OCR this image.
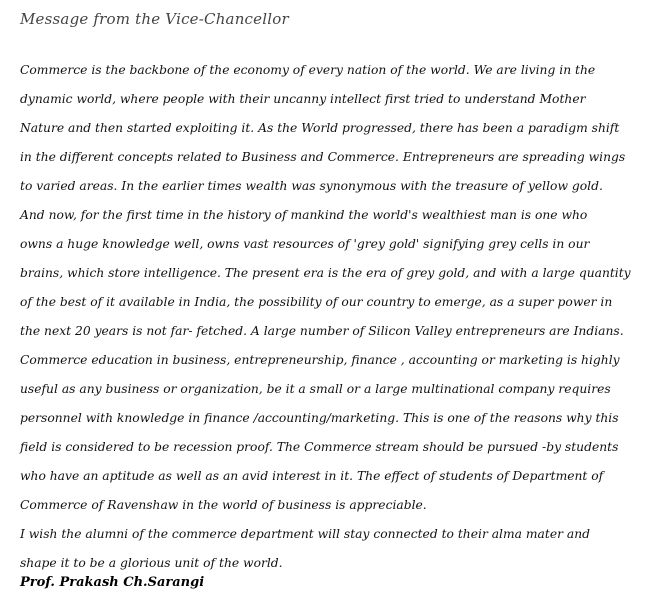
Message from the Vice-Chancellor
Commerce is the backbone of the economy of every nation of the world. We are living in the
dynamic world, where people with their uncanny intellect first tried to understand Mother
Nature and then started exploiting it. As the World progressed, there has been a paradigm shift
in the different concepts related to Business and Commerce. Entrepreneurs are spreading wings
to varied areas. In the earlier times wealth was synonymous with the treasure of yellow gold.
And now, for the first time in the history of mankind the world's wealthiest man is one who
owns a huge knowledge well, owns vast resources of 'grey gold' signifying grey cells in our
brains, which store intelligence. The present era is the era of grey gold, and with a large quantity
of the best of it available in India, the possibility of our country to emerge, as a super power in
the next 20 years is not far- fetched. A large number of Silicon Valley entrepreneurs are Indians.
Commerce education in business, entrepreneurship, finance , accounting or marketing is highly
useful as any business or organization, be it a small or a large multinational company requires
personnel with knowledge in finance /accounting/marketing. This is one of the reasons why this
field is considered to be recession proof. The Commerce stream should be pursued -by students
who have an aptitude as well as an avid interest in it. The effect of students of Department of
Commerce of Ravenshaw in the world of business is appreciable.
I wish the alumni of the commerce department will stay connected to their alma mater and
shape it to be a glorious unit of the world.
Prof. Prakash Ch.Sarangi
